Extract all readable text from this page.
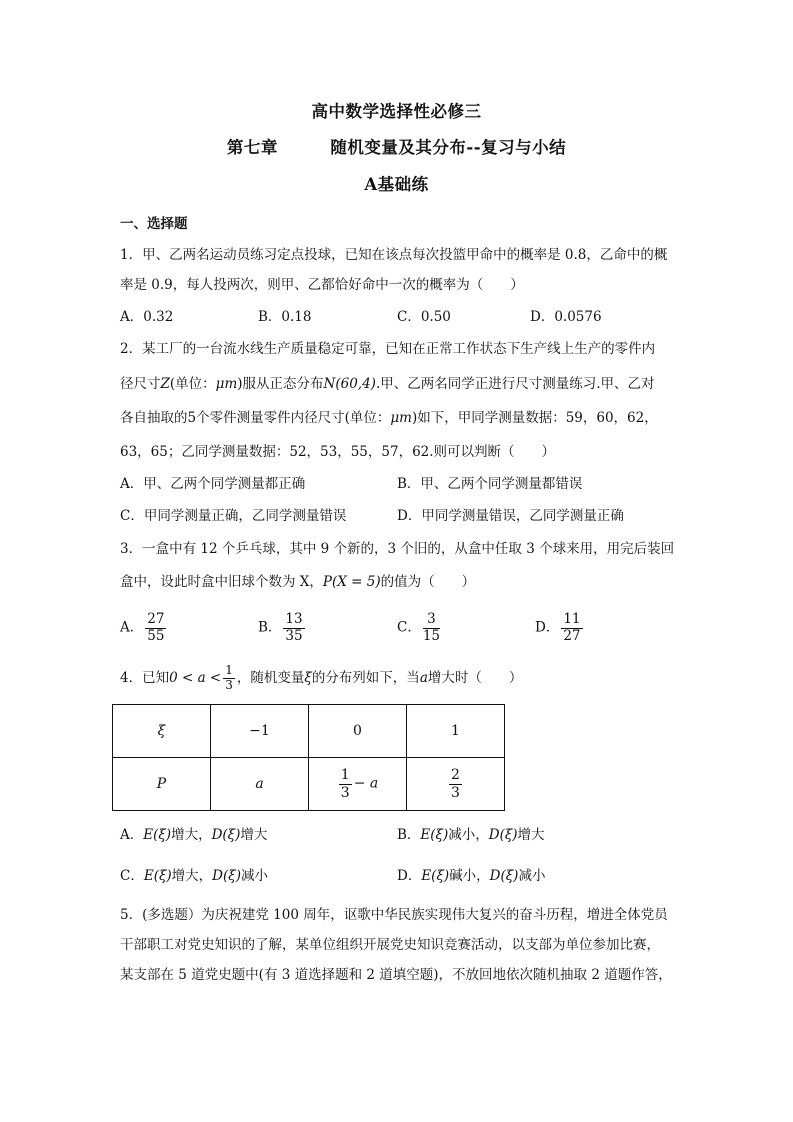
高中数学选择性必修三
第七章	随机变量及其分布--复习与小结
A基础练
一、选择题
1．甲、乙两名运动员练习定点投球，已知在该点每次投篮甲命中的概率是 0.8，乙命中的概
率是 0.9，每人投两次，则甲、乙都恰好命中一次的概率为（　　）
A．0.32	B．0.18	C．0.50	D．0.0576
2．某工厂的一台流水线生产质量稳定可靠，已知在正常工作状态下生产线上生产的零件内
径尺寸Z(单位：μm)服从正态分布N(60,4).甲、乙两名同学正进行尺寸测量练习.甲、乙对
各自抽取的5个零件测量零件内径尺寸(单位：μm)如下，甲同学测量数据：59，60，62，
63，65；乙同学测量数据：52，53，55，57，62.则可以判断（　　）
A．甲、乙两个同学测量都正确	B．甲、乙两个同学测量都错误
C．甲同学测量正确，乙同学测量错误	D．甲同学测量错误，乙同学测量正确
3．一盒中有 12 个乒乓球，其中 9 个新的，3 个旧的，从盒中任取 3 个球来用，用完后装回
盒中，设此时盒中旧球个数为 X，P(X = 5)的值为（　　）
A． $\frac{27}{55}$	B． $\frac{13}{35}$	C． $\frac{3}{15}$	D． $\frac{11}{27}$
4．已知$0 < a < \frac{1}{3}$ ，随机变量ξ的分布列如下，当a增大时（　　）
ξ	−1	0	1
P	a	$\frac{1}{3} - a$	$\frac{2}{3}$
A．E(ξ)增大，D(ξ)增大	B．E(ξ)减小，D(ξ)增大
C．E(ξ)增大，D(ξ)减小	D．E(ξ)碱小，D(ξ)减小
5．(多选题）为庆祝建党 100 周年，讴歌中华民族实现伟大复兴的奋斗历程，增进全体党员
干部职工对党史知识的了解，某单位组织开展党史知识竞赛活动，以支部为单位参加比赛，
某支部在 5 道党史题中(有 3 道选择题和 2 道填空题)，不放回地依次随机抽取 2 道题作答，
